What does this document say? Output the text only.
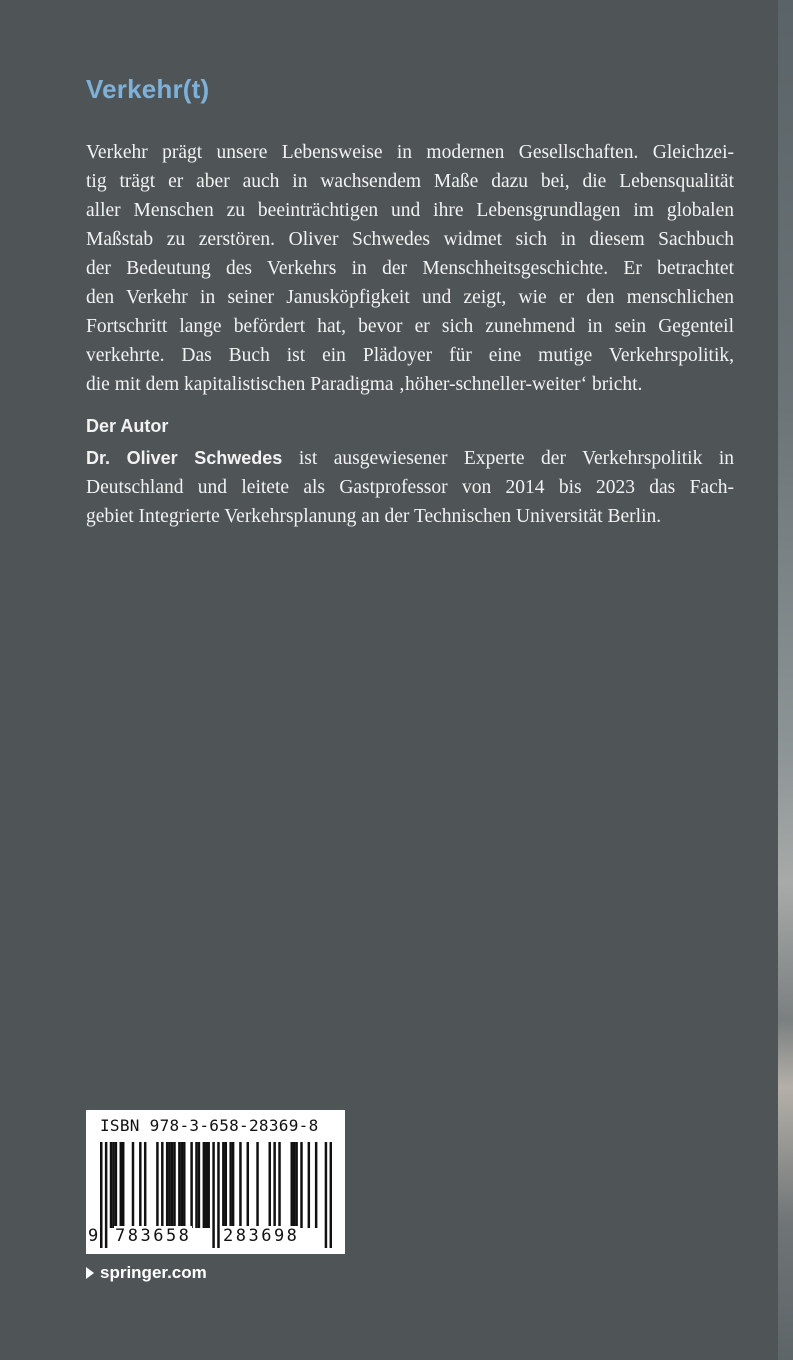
Verkehr(t)

Verkehr prägt unsere Lebensweise in modernen Gesellschaften. Gleichzei-
tig trägt er aber auch in wachsendem Maße dazu bei, die Lebensqualität
aller Menschen zu beeinträchtigen und ihre Lebensgrundlagen im globalen
Maßstab zu zerstören. Oliver Schwedes widmet sich in diesem Sachbuch
der Bedeutung des Verkehrs in der Menschheitsgeschichte. Er betrachtet
den Verkehr in seiner Janusköpfigkeit und zeigt, wie er den menschlichen
Fortschritt lange befördert hat, bevor er sich zunehmend in sein Gegenteil
verkehrte. Das Buch ist ein Plädoyer für eine mutige Verkehrspolitik,
die mit dem kapitalistischen Paradigma ‚höher-schneller-weiter‘ bricht.

Der Autor

Dr. Oliver Schwedes ist ausgewiesener Experte der Verkehrspolitik in
Deutschland und leitete als Gastprofessor von 2014 bis 2023 das Fach-
gebiet Integrierte Verkehrsplanung an der Technischen Universität Berlin.

ISBN 978-3-658-28369-8
9 783658 283698
springer.com
